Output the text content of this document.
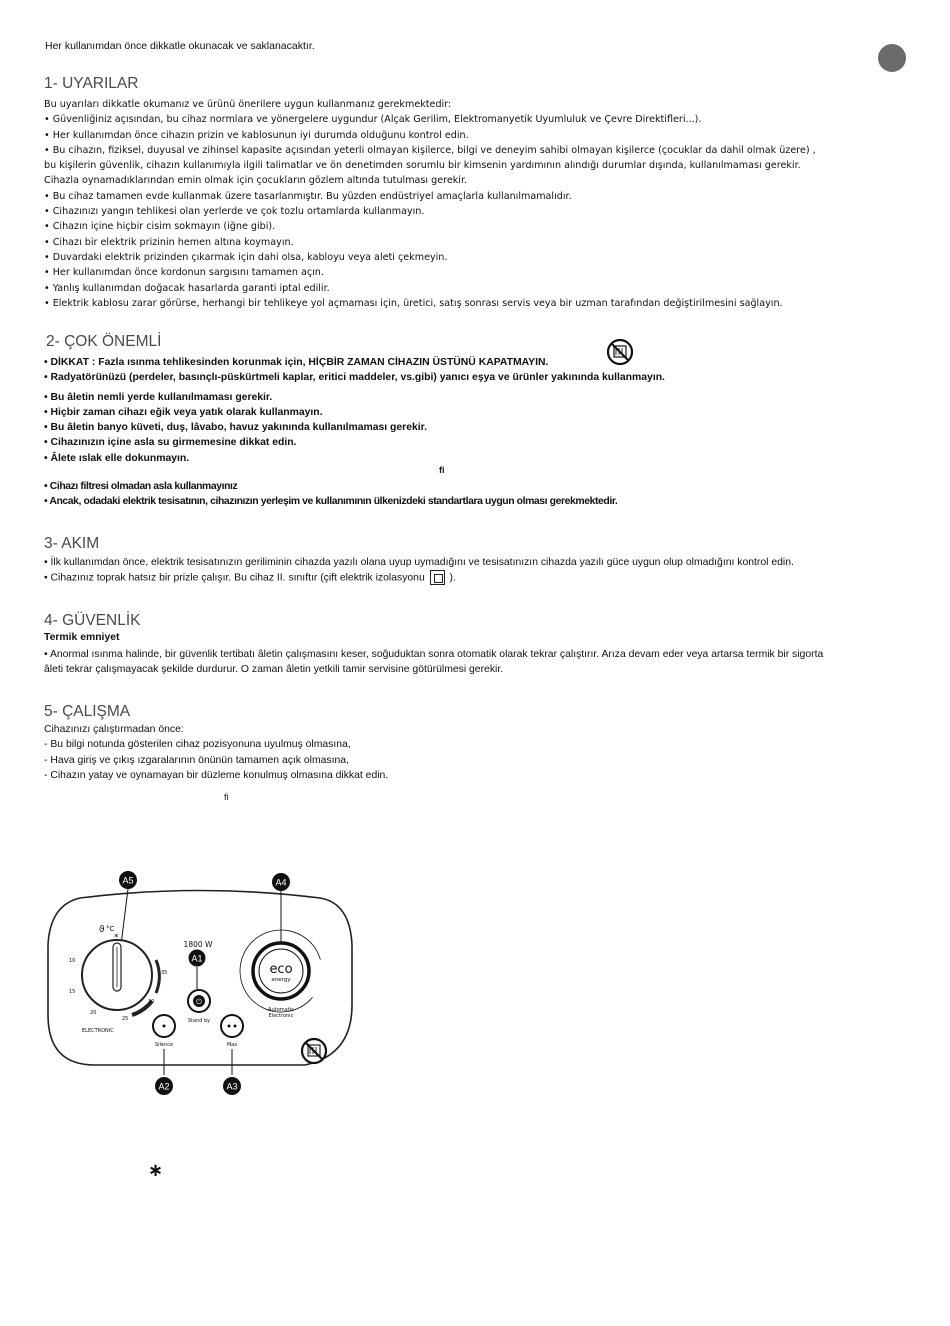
Her kullanımdan önce dikkatle okunacak ve saklanacaktır.
1- UYARILAR
Bu uyarıları dikkatle okumanız ve ürünü önerilere uygun kullanmanız gerekmektedir:
• Güvenliğiniz açısından, bu cihaz normlara ve yönergelere uygundur (Alçak Gerilim, Elektromanyetik Uyumluluk ve Çevre Direktifleri...).
• Her kullanımdan önce cihazın prizin ve kablosunun iyi durumda olduğunu kontrol edin.
• Bu cihazın, fiziksel, duyusal ve zihinsel kapasite açısından yeterli olmayan kişilerce, bilgi ve deneyim sahibi olmayan kişilerce (çocuklar da dahil olmak üzere) ,
bu kişilerin güvenlik, cihazın kullanımıyla ilgili talimatlar ve ön denetimden sorumlu bir kimsenin yardımının alındığı durumlar dışında, kullanılmaması gerekir.
Cihazla oynamadıklarından emin olmak için çocukların gözlem altında tutulması gerekir.
• Bu cihaz tamamen evde kullanmak üzere tasarlanmıştır. Bu yüzden endüstriyel amaçlarla kullanılmamalıdır.
• Cihazınızı yangın tehlikesi olan yerlerde ve çok tozlu ortamlarda kullanmayın.
• Cihazın içine hiçbir cisim sokmayın (iğne gibi).
• Cihazı bir elektrik prizinin hemen altına koymayın.
• Duvardaki elektrik prizinden çıkarmak için dahi olsa, kabloyu veya aleti çekmeyin.
• Her kullanımdan önce kordonun sargısını tamamen açın.
• Yanlış kullanımdan doğacak hasarlarda garanti iptal edilir.
• Elektrik kablosu zarar görürse, herhangi bir tehlikeye yol açmaması için, üretici, satış sonrası servis veya bir uzman tarafından değiştirilmesini sağlayın.
2- ÇOK ÖNEMLİ
• DİKKAT : Fazla ısınma tehlikesinden korunmak için, HİÇBİR ZAMAN CİHAZIN ÜSTÜNÜ KAPATMAYIN.
• Radyatörünüzü (perdeler, basınçlı-püskürtmeli kaplar, eritici maddeler, vs.gibi) yanıcı eşya ve ürünler yakınında kullanmayın.
• Bu âletin nemli yerde kullanılmaması gerekir.
• Hiçbir zaman cihazı eğik veya yatık olarak kullanmayın.
• Bu âletin banyo küveti, duş, lâvabo, havuz yakınında kullanılmaması gerekir.
• Cihazınızın içine asla su girmemesine dikkat edin.
• Âlete ıslak elle dokunmayın.
ﬁ
• Cihazı filtresi olmadan asla kullanmayınız
• Ancak, odadaki elektrik tesisatının, cihazınızın yerleşim ve kullanımının ülkenizdeki standartlara uygun olması gerekmektedir.
3- AKIM
• İlk kullanımdan önce, elektrik tesisatınızın geriliminin cihazda yazılı olana uyup uymadığını ve tesisatınızın cihazda yazılı güce uygun olup olmadığını kontrol edin.
• Cihazınız toprak hatsız bir prizle çalışır. Bu cihaz II. sınıftır (çift elektrik izolasyonu ).
4- GÜVENLİK
Termik emniyet
• Anormal ısınma halinde, bir güvenlik tertibatı âletin çalışmasını keser, soğuduktan sonra otomatik olarak tekrar çalıştırır. Arıza devam eder veya artarsa termik bir sigorta
âleti tekrar çalışmayacak şekilde durdurur. O zaman âletin yetkili tamir servisine götürülmesi gerekir.
5- ÇALIŞMA
Cihazınızı çalıştırmadan önce:
- Bu bilgi notunda gösterilen cihaz pozisyonuna uyulmuş olmasına,
- Hava giriş ve çıkış ızgaralarının önünün tamamen açık olmasına,
- Cihazın yatay ve oynamayan bir düzleme konulmuş olmasına dikkat edin.
ﬁ
A5	A4
°C
ϑ
*
10
15
20
25
30
35
ELECTRONIC
1800 W
A1
⏻
Stand by
Silence
A2
Max
A3
eco
energy
Automatic
Electronic
∗
